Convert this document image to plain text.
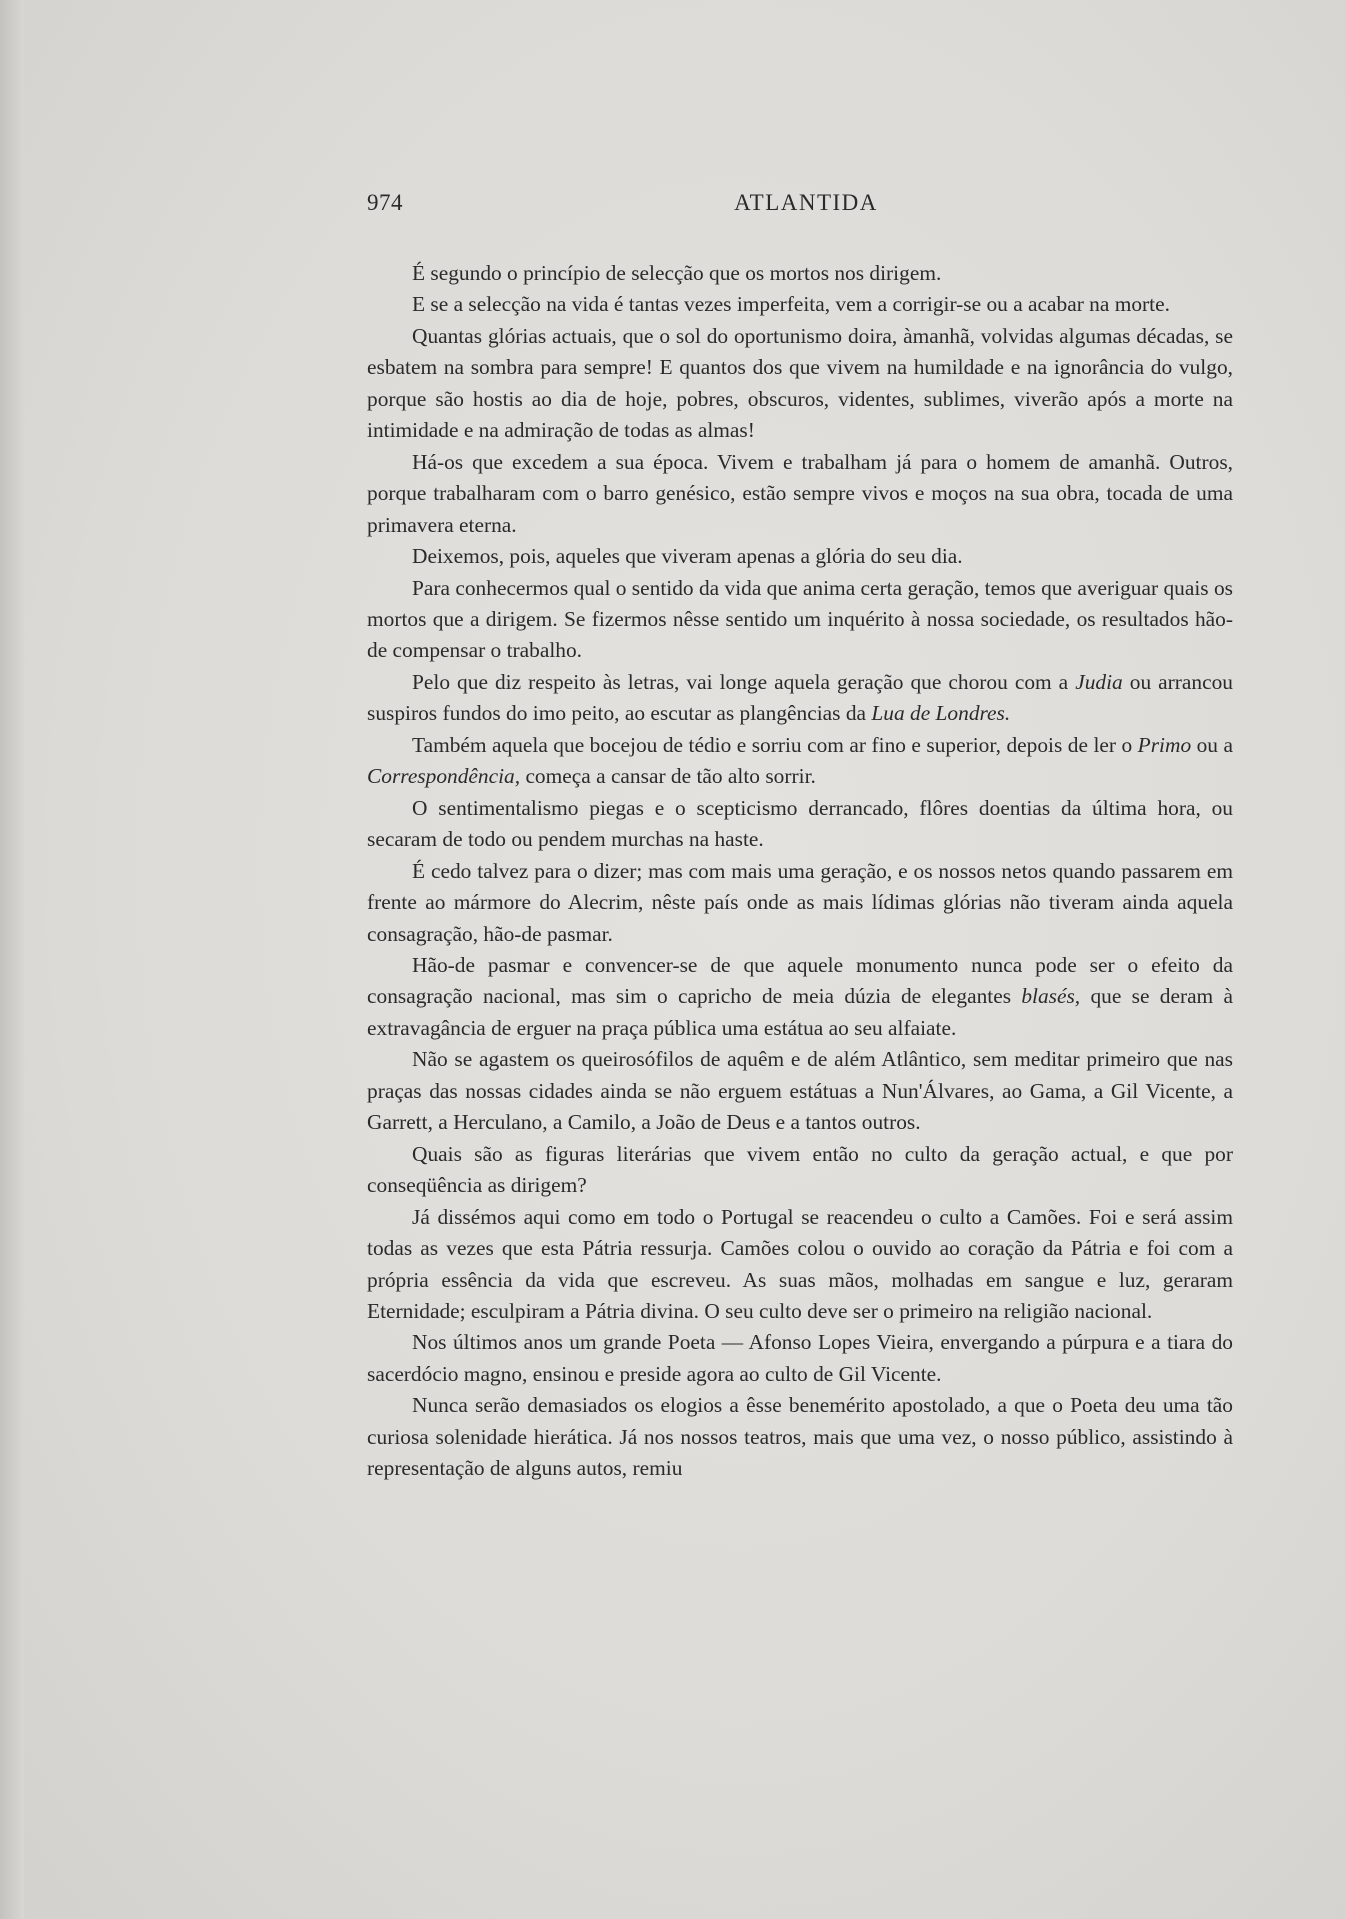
974	ATLANTIDA

É segundo o princípio de selecção que os mortos nos dirigem.

E se a selecção na vida é tantas vezes imperfeita, vem a corrigir-se ou a acabar na morte.

Quantas glórias actuais, que o sol do oportunismo doira, àmanhã, volvidas algumas décadas, se esbatem na sombra para sempre! E quantos dos que vivem na humildade e na ignorância do vulgo, porque são hostis ao dia de hoje, pobres, obscuros, videntes, sublimes, viverão após a morte na intimidade e na admiração de todas as almas!

Há-os que excedem a sua época. Vivem e trabalham já para o homem de amanhã. Outros, porque trabalharam com o barro genésico, estão sempre vivos e moços na sua obra, tocada de uma primavera eterna.

Deixemos, pois, aqueles que viveram apenas a glória do seu dia.

Para conhecermos qual o sentido da vida que anima certa geração, temos que averiguar quais os mortos que a dirigem. Se fizermos nêsse sentido um inquérito à nossa sociedade, os resultados hão-de compensar o trabalho.

Pelo que diz respeito às letras, vai longe aquela geração que chorou com a Judia ou arrancou suspiros fundos do imo peito, ao escutar as plangências da Lua de Londres.

Também aquela que bocejou de tédio e sorriu com ar fino e superior, depois de ler o Primo ou a Correspondência, começa a cansar de tão alto sorrir.

O sentimentalismo piegas e o scepticismo derrancado, flôres doentias da última hora, ou secaram de todo ou pendem murchas na haste.

É cedo talvez para o dizer; mas com mais uma geração, e os nossos netos quando passarem em frente ao mármore do Alecrim, nêste país onde as mais lídimas glórias não tiveram ainda aquela consagração, hão-de pasmar.

Hão-de pasmar e convencer-se de que aquele monumento nunca pode ser o efeito da consagração nacional, mas sim o capricho de meia dúzia de elegantes blasés, que se deram à extravagância de erguer na praça pública uma estátua ao seu alfaiate.

Não se agastem os queirosófilos de aquêm e de além Atlântico, sem meditar primeiro que nas praças das nossas cidades ainda se não erguem estátuas a Nun'Álvares, ao Gama, a Gil Vicente, a Garrett, a Herculano, a Camilo, a João de Deus e a tantos outros.

Quais são as figuras literárias que vivem então no culto da geração actual, e que por conseqüência as dirigem?

Já dissémos aqui como em todo o Portugal se reacendeu o culto a Camões. Foi e será assim todas as vezes que esta Pátria ressurja. Camões colou o ouvido ao coração da Pátria e foi com a própria essência da vida que escreveu. As suas mãos, molhadas em sangue e luz, geraram Eternidade; esculpiram a Pátria divina. O seu culto deve ser o primeiro na religião nacional.

Nos últimos anos um grande Poeta — Afonso Lopes Vieira, envergando a púrpura e a tiara do sacerdócio magno, ensinou e preside agora ao culto de Gil Vicente.

Nunca serão demasiados os elogios a êsse benemérito apostolado, a que o Poeta deu uma tão curiosa solenidade hierática. Já nos nossos teatros, mais que uma vez, o nosso público, assistindo à representação de alguns autos, remiu
